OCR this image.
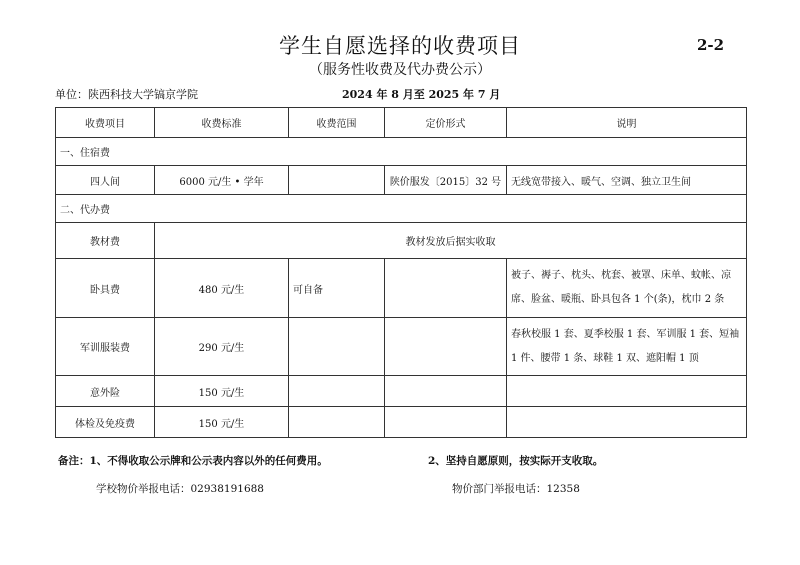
学生自愿选择的收费项目
（服务性收费及代办费公示）
2-2
单位：陕西科技大学镐京学院	2024 年 8 月至 2025 年 7 月
收费项目	收费标准	收费范围	定价形式	说明
一、住宿费				
四人间	6000 元/生 • 学年		陕价服发〔2015〕32 号	无线宽带接入、暖气、空调、独立卫生间
二、代办费				
教材费	教材发放后据实收取			
卧具费	480 元/生	可自备		被子、褥子、枕头、枕套、被罩、床单、蚊帐、凉席、脸盆、暖瓶、卧具包各 1 个(条)，枕巾 2 条
军训服装费	290 元/生			春秋校服 1 套、夏季校服 1 套、军训服 1 套、短袖 1 件、腰带 1 条、球鞋 1 双、遮阳帽 1 顶
意外险	150 元/生			
体检及免疫费	150 元/生			
备注：1、不得收取公示牌和公示表内容以外的任何费用。	2、坚持自愿原则，按实际开支收取。
学校物价举报电话：02938191688	物价部门举报电话：12358
